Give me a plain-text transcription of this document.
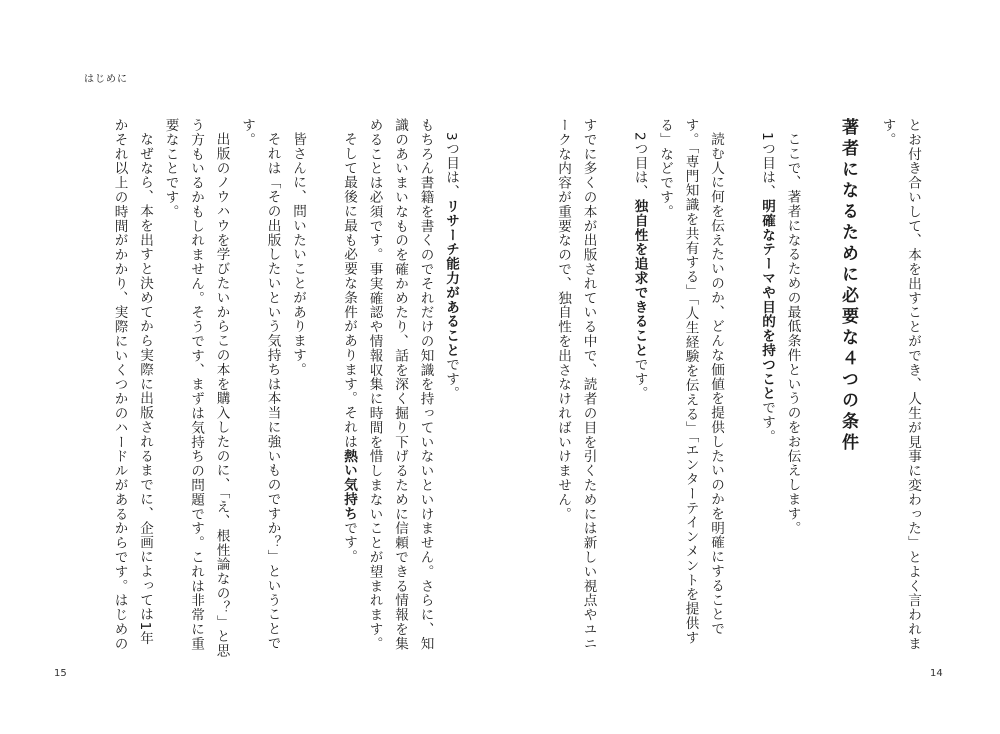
はじめに

とお付き合いして、本を出すことができ、人生が見事に変わった」とよく言われます。

著者になるために必要な４つの条件

ここで、著者になるための最低条件というのをお伝えします。

1つ目は、明確なテーマや目的を持つことです。

読む人に何を伝えたいのか、どんな価値を提供したいのかを明確にすることです。「専門知識を共有する」「人生経験を伝える」「エンターテインメントを提供する」などです。

2つ目は、独自性を追求できることです。

すでに多くの本が出版されている中で、読者の目を引くためには新しい視点やユニークな内容が重要なので、独自性を出さなければいけません。

3つ目は、リサーチ能力があることです。

もちろん書籍を書くのでそれだけの知識を持っていないといけません。さらに、知識のあいまいなものを確かめたり、話を深く掘り下げるために信頼できる情報を集めることは必須です。事実確認や情報収集に時間を惜しまないことが望まれます。

そして最後に最も必要な条件があります。それは熱い気持ちです。

皆さんに、問いたいことがあります。

それは「その出版したいという気持ちは本当に強いものですか？」ということです。

出版のノウハウを学びたいからこの本を購入したのに、「え、根性論なの？」と思う方もいるかもしれません。そうです、まずは気持ちの問題です。これは非常に重要なことです。

なぜなら、本を出すと決めてから実際に出版されるまでに、企画によっては1年かそれ以上の時間がかかり、実際にいくつかのハードルがあるからです。はじめの

15	14
